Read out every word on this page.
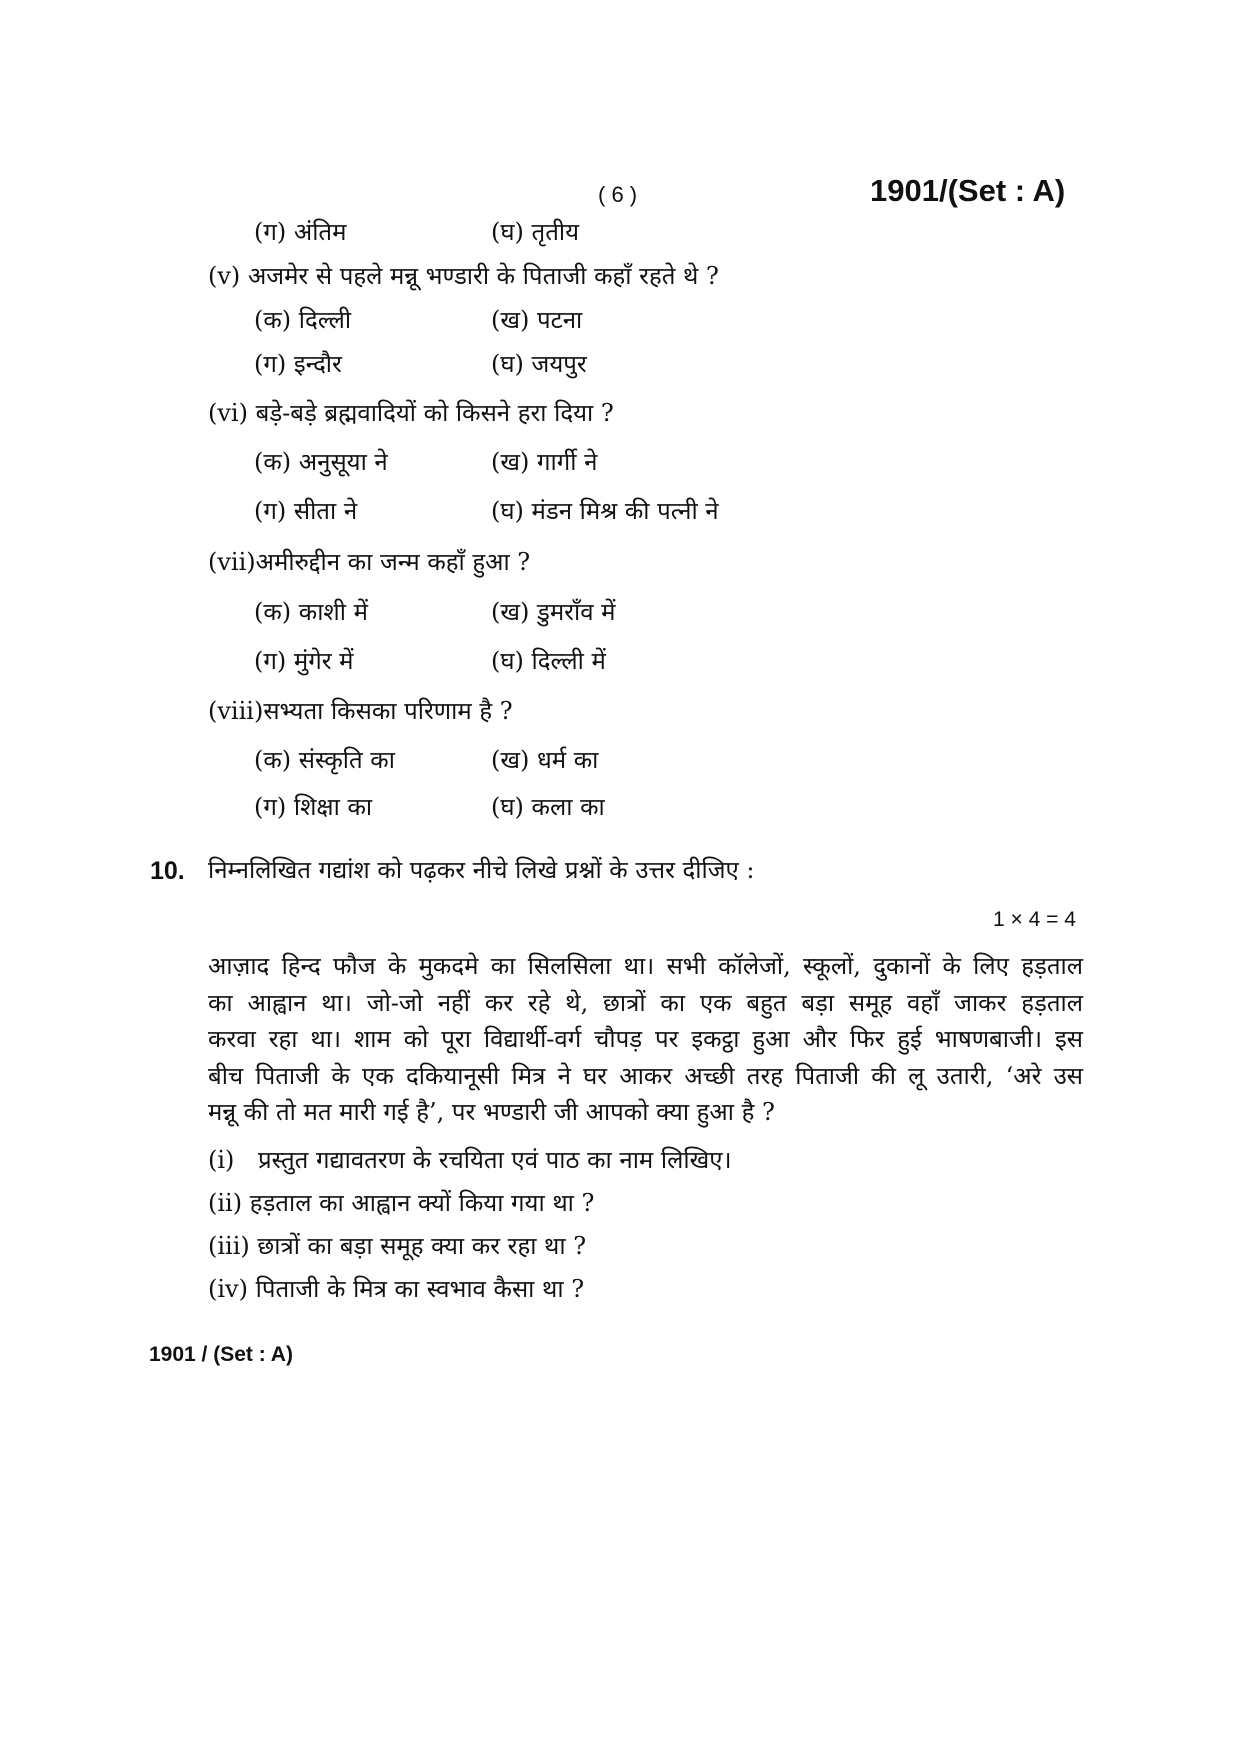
( 6 )	1901/(Set : A)
(ग) अंतिम	(घ) तृतीय
(v) अजमेर से पहले मन्नू भण्डारी के पिताजी कहाँ रहते थे ?
(क) दिल्ली	(ख) पटना
(ग) इन्दौर	(घ) जयपुर
(vi) बड़े-बड़े ब्रह्मवादियों को किसने हरा दिया ?
(क) अनुसूया ने	(ख) गार्गी ने
(ग) सीता ने	(घ) मंडन मिश्र की पत्नी ने
(vii)अमीरुद्दीन का जन्म कहाँ हुआ ?
(क) काशी में	(ख) डुमराँव में
(ग) मुंगेर में	(घ) दिल्ली में
(viii)सभ्यता किसका परिणाम है ?
(क) संस्कृति का	(ख) धर्म का
(ग) शिक्षा का	(घ) कला का
10. निम्नलिखित गद्यांश को पढ़कर नीचे लिखे प्रश्नों के उत्तर दीजिए :
1 × 4 = 4
आज़ाद हिन्द फौज के मुकदमे का सिलसिला था। सभी कॉलेजों, स्कूलों, दुकानों के लिए हड़ताल
का आह्वान था। जो-जो नहीं कर रहे थे, छात्रों का एक बहुत बड़ा समूह वहाँ जाकर हड़ताल
करवा रहा था। शाम को पूरा विद्यार्थी-वर्ग चौपड़ पर इकट्ठा हुआ और फिर हुई भाषणबाजी। इस
बीच पिताजी के एक दकियानूसी मित्र ने घर आकर अच्छी तरह पिताजी की लू उतारी, ‘अरे उस
मन्नू की तो मत मारी गई है’, पर भण्डारी जी आपको क्या हुआ है ?
(i) प्रस्तुत गद्यावतरण के रचयिता एवं पाठ का नाम लिखिए।
(ii) हड़ताल का आह्वान क्यों किया गया था ?
(iii) छात्रों का बड़ा समूह क्या कर रहा था ?
(iv) पिताजी के मित्र का स्वभाव कैसा था ?
1901 / (Set : A)
